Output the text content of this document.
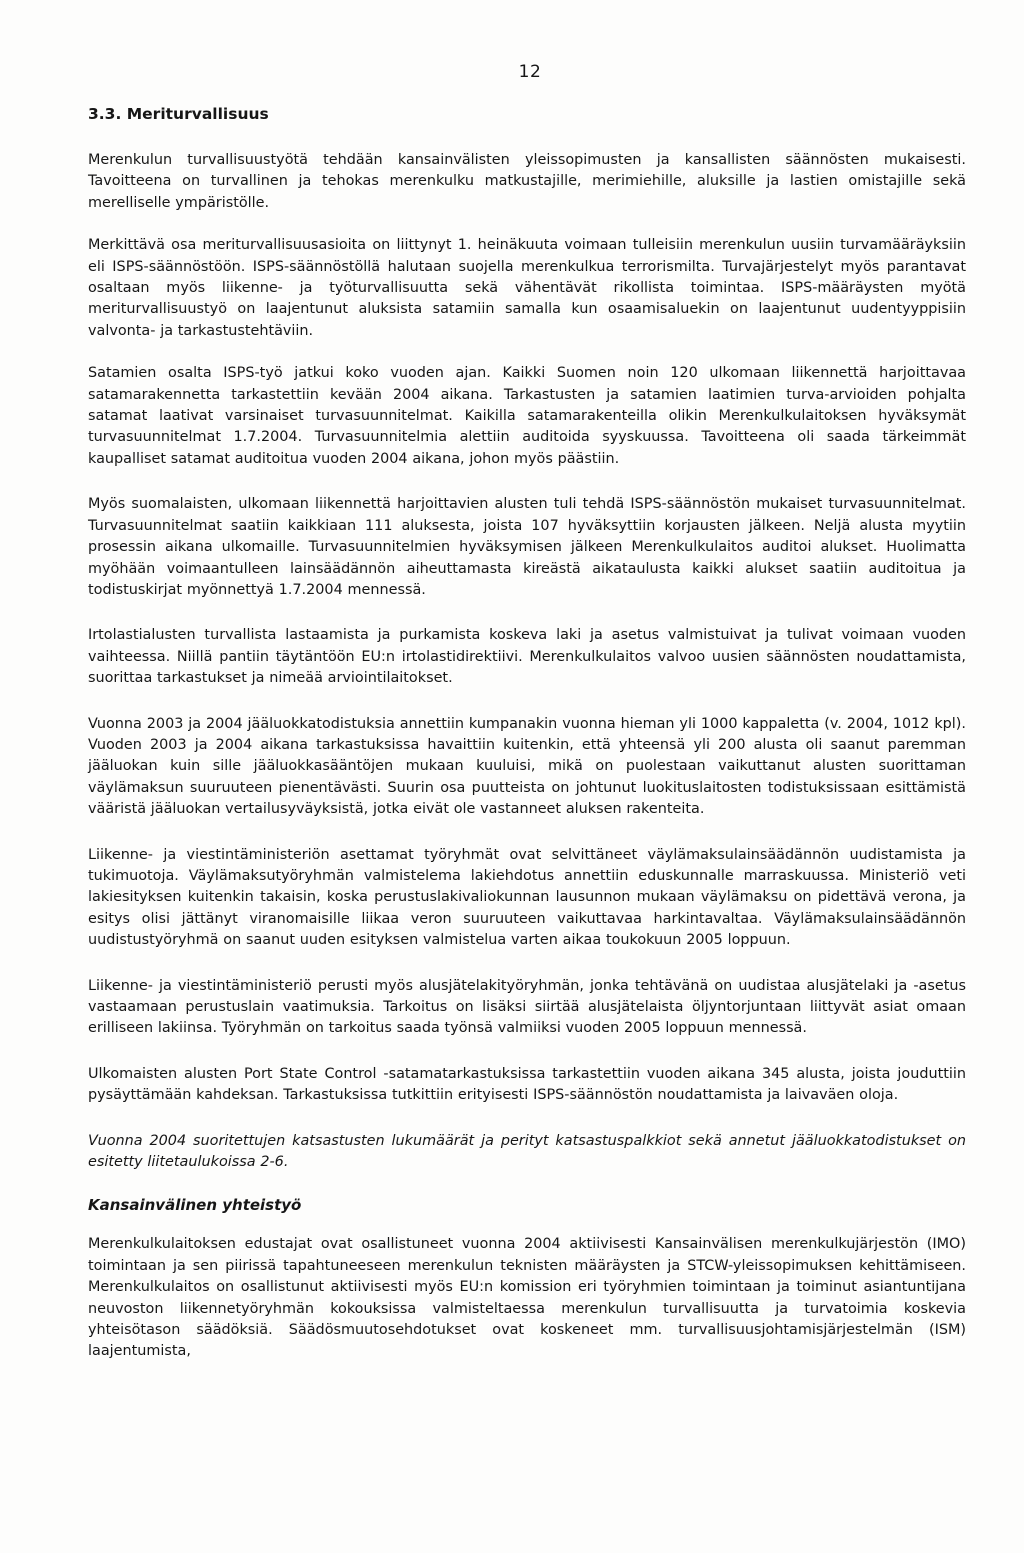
12
3.3. Meriturvallisuus

Merenkulun turvallisuustyötä tehdään kansainvälisten yleissopimusten ja kansallisten säännösten mukaisesti. Tavoitteena on turvallinen ja tehokas merenkulku matkustajille, merimiehille, aluksille ja lastien omistajille sekä merelliselle ympäristölle.

Merkittävä osa meriturvallisuusasioita on liittynyt 1. heinäkuuta voimaan tulleisiin merenkulun uusiin turvamääräyksiin eli ISPS-säännöstöön. ISPS-säännöstöllä halutaan suojella merenkulkua terrorismilta. Turvajärjestelyt myös parantavat osaltaan myös liikenne- ja työturvallisuutta sekä vähentävät rikollista toimintaa. ISPS-määräysten myötä meriturvallisuustyö on laajentunut aluksista satamiin samalla kun osaamisaluekin on laajentunut uudentyyppisiin valvonta- ja tarkastustehtäviin.

Satamien osalta ISPS-työ jatkui koko vuoden ajan. Kaikki Suomen noin 120 ulkomaan liikennettä harjoittavaa satamarakennetta tarkastettiin kevään 2004 aikana. Tarkastusten ja satamien laatimien turva-arvioiden pohjalta satamat laativat varsinaiset turvasuunnitelmat. Kaikilla satamarakenteilla olikin Merenkulkulaitoksen hyväksymät turvasuunnitelmat 1.7.2004. Turvasuunnitelmia alettiin auditoida syyskuussa. Tavoitteena oli saada tärkeimmät kaupalliset satamat auditoitua vuoden 2004 aikana, johon myös päästiin.

Myös suomalaisten, ulkomaan liikennettä harjoittavien alusten tuli tehdä ISPS-säännöstön mukaiset turvasuunnitelmat. Turvasuunnitelmat saatiin kaikkiaan 111 aluksesta, joista 107 hyväksyttiin korjausten jälkeen. Neljä alusta myytiin prosessin aikana ulkomaille. Turvasuunnitelmien hyväksymisen jälkeen Merenkulkulaitos auditoi alukset. Huolimatta myöhään voimaantulleen lainsäädännön aiheuttamasta kireästä aikataulusta kaikki alukset saatiin auditoitua ja todistuskirjat myönnettyä 1.7.2004 mennessä.

Irtolastialusten turvallista lastaamista ja purkamista koskeva laki ja asetus valmistuivat ja tulivat voimaan vuoden vaihteessa. Niillä pantiin täytäntöön EU:n irtolastidirektiivi. Merenkulkulaitos valvoo uusien säännösten noudattamista, suorittaa tarkastukset ja nimeää arviointilaitokset.

Vuonna 2003 ja 2004 jääluokkatodistuksia annettiin kumpanakin vuonna hieman yli 1000 kappaletta (v. 2004, 1012 kpl). Vuoden 2003 ja 2004 aikana tarkastuksissa havaittiin kuitenkin, että yhteensä yli 200 alusta oli saanut paremman jääluokan kuin sille jääluokkasääntöjen mukaan kuuluisi, mikä on puolestaan vaikuttanut alusten suorittaman väylämaksun suuruuteen pienentävästi. Suurin osa puutteista on johtunut luokituslaitosten todistuksissaan esittämistä vääristä jääluokan vertailusyväyksistä, jotka eivät ole vastanneet aluksen rakenteita.

Liikenne- ja viestintäministeriön asettamat työryhmät ovat selvittäneet väylämaksulainsäädännön uudistamista ja tukimuotoja. Väylämaksutyöryhmän valmistelema lakiehdotus annettiin eduskunnalle marraskuussa. Ministeriö veti lakiesityksen kuitenkin takaisin, koska perustuslakivaliokunnan lausunnon mukaan väylämaksu on pidettävä verona, ja esitys olisi jättänyt viranomaisille liikaa veron suuruuteen vaikuttavaa harkintavaltaa. Väylämaksulainsäädännön uudistustyöryhmä on saanut uuden esityksen valmistelua varten aikaa toukokuun 2005 loppuun.

Liikenne- ja viestintäministeriö perusti myös alusjätelakityöryhmän, jonka tehtävänä on uudistaa alusjätelaki ja -asetus vastaamaan perustuslain vaatimuksia. Tarkoitus on lisäksi siirtää alusjätelaista öljyntorjuntaan liittyvät asiat omaan erilliseen lakiinsa. Työryhmän on tarkoitus saada työnsä valmiiksi vuoden 2005 loppuun mennessä.

Ulkomaisten alusten Port State Control -satamatarkastuksissa tarkastettiin vuoden aikana 345 alusta, joista jouduttiin pysäyttämään kahdeksan. Tarkastuksissa tutkittiin erityisesti ISPS-säännöstön noudattamista ja laivaväen oloja.

Vuonna 2004 suoritettujen katsastusten lukumäärät ja perityt katsastuspalkkiot sekä annetut jääluokkatodistukset on esitetty liitetaulukoissa 2-6.

Kansainvälinen yhteistyö

Merenkulkulaitoksen edustajat ovat osallistuneet vuonna 2004 aktiivisesti Kansainvälisen merenkulkujärjestön (IMO) toimintaan ja sen piirissä tapahtuneeseen merenkulun teknisten määräysten ja STCW-yleissopimuksen kehittämiseen. Merenkulkulaitos on osallistunut aktiivisesti myös EU:n komission eri työryhmien toimintaan ja toiminut asiantuntijana neuvoston liikennetyöryhmän kokouksissa valmisteltaessa merenkulun turvallisuutta ja turvatoimia koskevia yhteisötason säädöksiä. Säädösmuutosehdotukset ovat koskeneet mm. turvallisuusjohtamisjärjestelmän (ISM) laajentumista,
